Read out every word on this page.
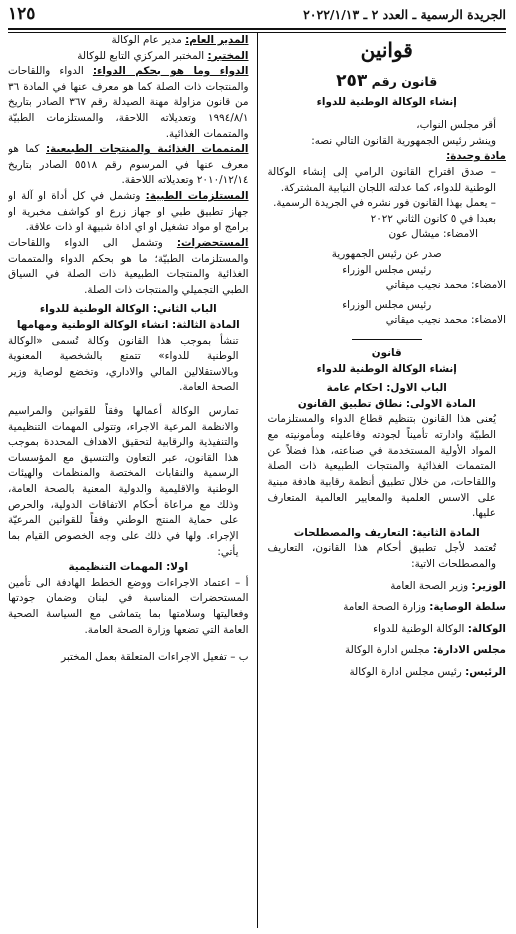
الجريدة الرسمية ـ العدد ٢ ـ ٢٠٢٢/١/١٣
١٢٥
قوانين
قانون رقم ٢٥٣

إنشاء الوكالة الوطنية للدواء

أقر مجلس النواب،

وينشر رئيس الجمهورية القانون التالي نصه:

مادة وحيدة:

– صدق اقتراح القانون الرامي إلى إنشاء الوكالة الوطنية للدواء، كما عدلته اللجان النيابية المشتركة.

– يعمل بهذا القانون فور نشره في الجريدة الرسمية.

بعبدا في ٥ كانون الثاني ٢٠٢٢

الامضاء: ميشال عون

صدر عن رئيس الجمهورية

رئيس مجلس الوزراء

الامضاء: محمد نجيب ميقاتي

رئيس مجلس الوزراء

الامضاء: محمد نجيب ميقاتي

قانون

إنشاء الوكالة الوطنية للدواء

الباب الاول: احكام عامة

المادة الاولى: نطاق تطبيق القانون

يُعنى هذا القانون بتنظيم قطاع الدواء والمستلزمات الطبيّة وادارته تأميناً لجودته وفاعليته ومأمونيته مع المواد الأولية المستخدمة في صناعته، هذا فضلاً عن المتممات الغذائية والمنتجات الطبيعية ذات الصلة واللقاحات، من خلال تطبيق أنظمة رقابية هادفة مبنية على الاسس العلمية والمعايير العالمية المتعارف عليها.

المادة الثانية: التعاريف والمصطلحات

تُعتمد لأجل تطبيق أحكام هذا القانون، التعاريف والمصطلحات الاتية:

الوزير: وزير الصحة العامة

سلطة الوصاية: وزارة الصحة العامة

الوكالة: الوكالة الوطنية للدواء

مجلس الادارة: مجلس ادارة الوكالة

الرئيس: رئيس مجلس ادارة الوكالة

المدير العام: مدير عام الوكالة

المختبر: المختبر المركزي التابع للوكالة

الدواء وما هو بحكم الدواء: الدواء واللقاحات والمنتجات ذات الصلة كما هو معرف عنها في المادة ٣٦ من قانون مزاولة مهنة الصيدلة رقم ٣٦٧ الصادر بتاريخ ١٩٩٤/٨/١ وتعديلاته اللاحقة، والمستلزمات الطبيّة والمتممات الغذائية.

المتممات الغذائية والمنتجات الطبيعية: كما هو معرف عنها في المرسوم رقم ٥٥١٨ الصادر بتاريخ ٢٠١٠/١٢/١٤ وتعديلاته اللاحقة.

المستلزمات الطبية: وتشمل في كل أداة او آلة او جهاز تطبيق طبي او جهاز زرع او كواشف مخبرية او برامج او مواد تشغيل او اي اداة شبيهة او ذات علاقة.

المستحضرات: وتشمل الى الدواء واللقاحات والمستلزمات الطبيّة؛ ما هو بحكم الدواء والمتممات الغذائية والمنتجات الطبيعية ذات الصلة في السياق الطبي التجميلي والمنتجات ذات الصلة.

الباب الثاني: الوكالة الوطنية للدواء

المادة الثالثة: انشاء الوكالة الوطنية ومهامها

تنشأ بموجب هذا القانون وكالة تُسمى «الوكالة الوطنية للدواء» تتمتع بالشخصية المعنوية وبالاستقلالين المالي والاداري، وتخضع لوصاية وزير الصحة العامة.

تمارس الوكالة أعمالها وفقاً للقوانين والمراسيم والانظمة المرعية الاجراء، وتتولى المهمات التنظيمية والتنفيذية والرقابية لتحقيق الاهداف المحددة بموجب هذا القانون، عبر التعاون والتنسيق مع المؤسسات الرسمية والنقابات المختصة والمنظمات والهيئات الوطنية والاقليمية والدولية المعنية بالصحة العامة، وذلك مع مراعاة أحكام الاتفاقات الدولية، والحرص على حماية المنتج الوطني وفقاً للقوانين المرعيّة الإجراء. ولها في ذلك على وجه الخصوص القيام بما يأتي:

اولا: المهمات التنظيمية

أ – اعتماد الاجراءات ووضع الخطط الهادفة الى تأمين المستحضرات المناسبة في لبنان وضمان جودتها وفعاليتها وسلامتها بما يتماشى مع السياسة الصحية العامة التي تضعها وزارة الصحة العامة.

ب – تفعيل الاجراءات المتعلقة بعمل المختبر
